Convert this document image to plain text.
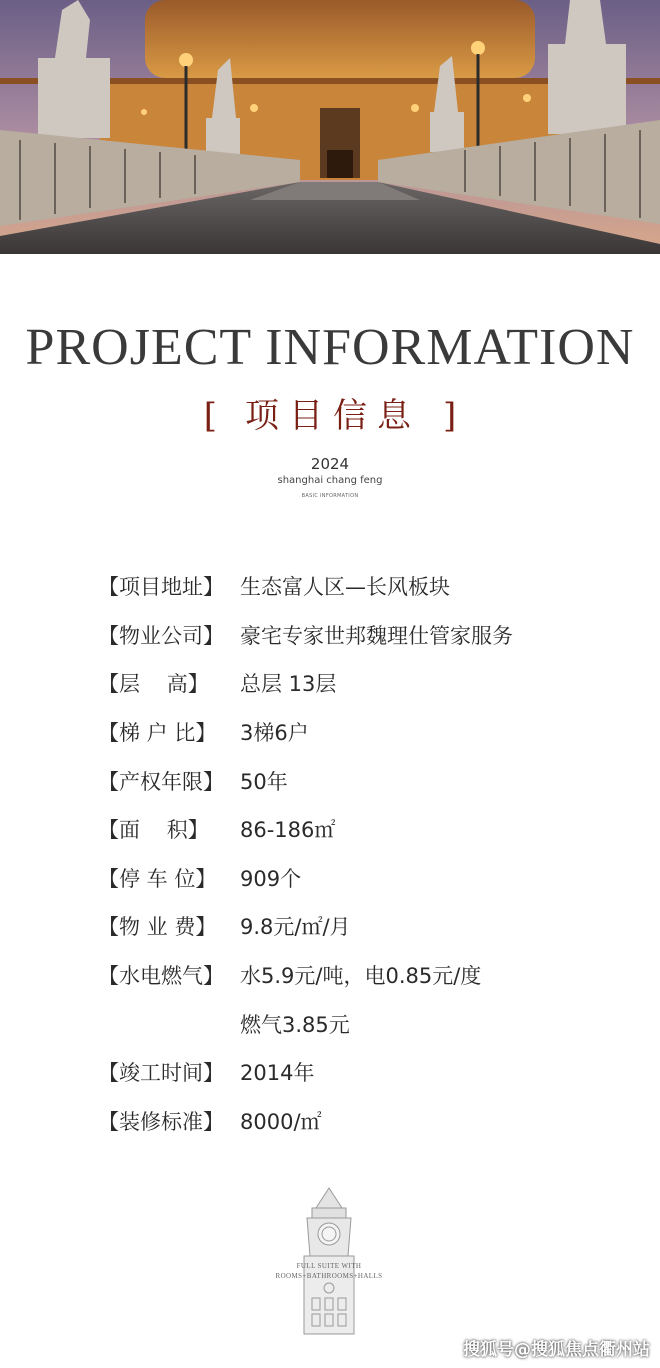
PROJECT INFORMATION
[ 项目信息 ]
2024
shanghai chang feng
BASIC INFORMATION
【项目地址】 生态富人区—长风板块
【物业公司】 豪宅专家世邦魏理仕管家服务
【层    高】	总层 13层
【梯 户 比】	3梯6户
【产权年限】 50年
【面    积】	86-186㎡
【停 车 位】	909个
【物 业 费】	9.8元/㎡/月
【水电燃气】 水5.9元/吨，电0.85元/度
燃气3.85元
【竣工时间】 2014年
【装修标准】 8000/㎡
FULL SUITE WITH
ROOMS+BATHROOMS+HALLS
搜狐号@搜狐焦点衢州站
